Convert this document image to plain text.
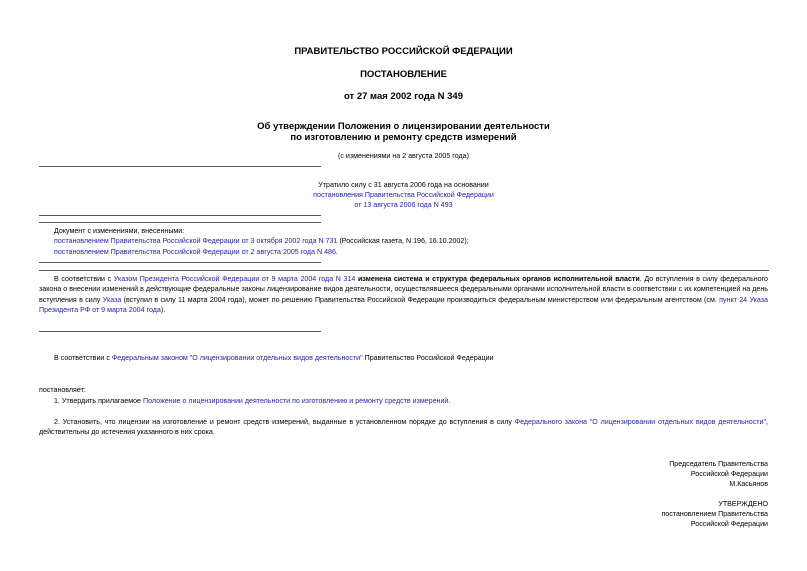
ПРАВИТЕЛЬСТВО РОССИЙСКОЙ ФЕДЕРАЦИИ
ПОСТАНОВЛЕНИЕ
от 27 мая 2002 года N 349
Об утверждении Положения о лицензировании деятельности
по изготовлению и ремонту средств измерений
(с изменениями на 2 августа 2005 года)
Утратило силу с 31 августа 2006 года на основании
постановления Правительства Российской Федерации
от 13 августа 2006 года N 493
Документ с изменениями, внесенными:
постановлением Правительства Российской Федерации от 3 октября 2002 года N 731 (Российская газета, N 196, 16.10.2002);
постановлением Правительства Российской Федерации от 2 августа 2005 года N 486.
В соответствии с Указом Президента Российской Федерации от 9 марта 2004 года N 314 изменена система и структура федеральных органов исполнительной власти. До вступления в силу федерального закона о внесении изменений в действующие федеральные законы лицензирование видов деятельности, осуществлявшееся федеральными органами исполнительной власти в соответствии с их компетенцией на день вступления в силу Указа (вступил в силу 11 марта 2004 года), может по решению Правительства Российской Федерации производиться федеральным министерством или федеральным агентством (см. пункт 24 Указа Президента РФ от 9 марта 2004 года).
В соответствии с Федеральным законом "О лицензировании отдельных видов деятельности" Правительство Российской Федерации
постановляет:
1. Утвердить прилагаемое Положение о лицензировании деятельности по изготовлению и ремонту средств измерений.
2. Установить, что лицензии на изготовление и ремонт средств измерений, выданные в установленном порядке до вступления в силу Федерального закона "О лицензировании отдельных видов деятельности", действительны до истечения указанного в них срока.
Председатель Правительства
Российской Федерации
М.Касьянов
УТВЕРЖДЕНО
постановлением Правительства
Российской Федерации
